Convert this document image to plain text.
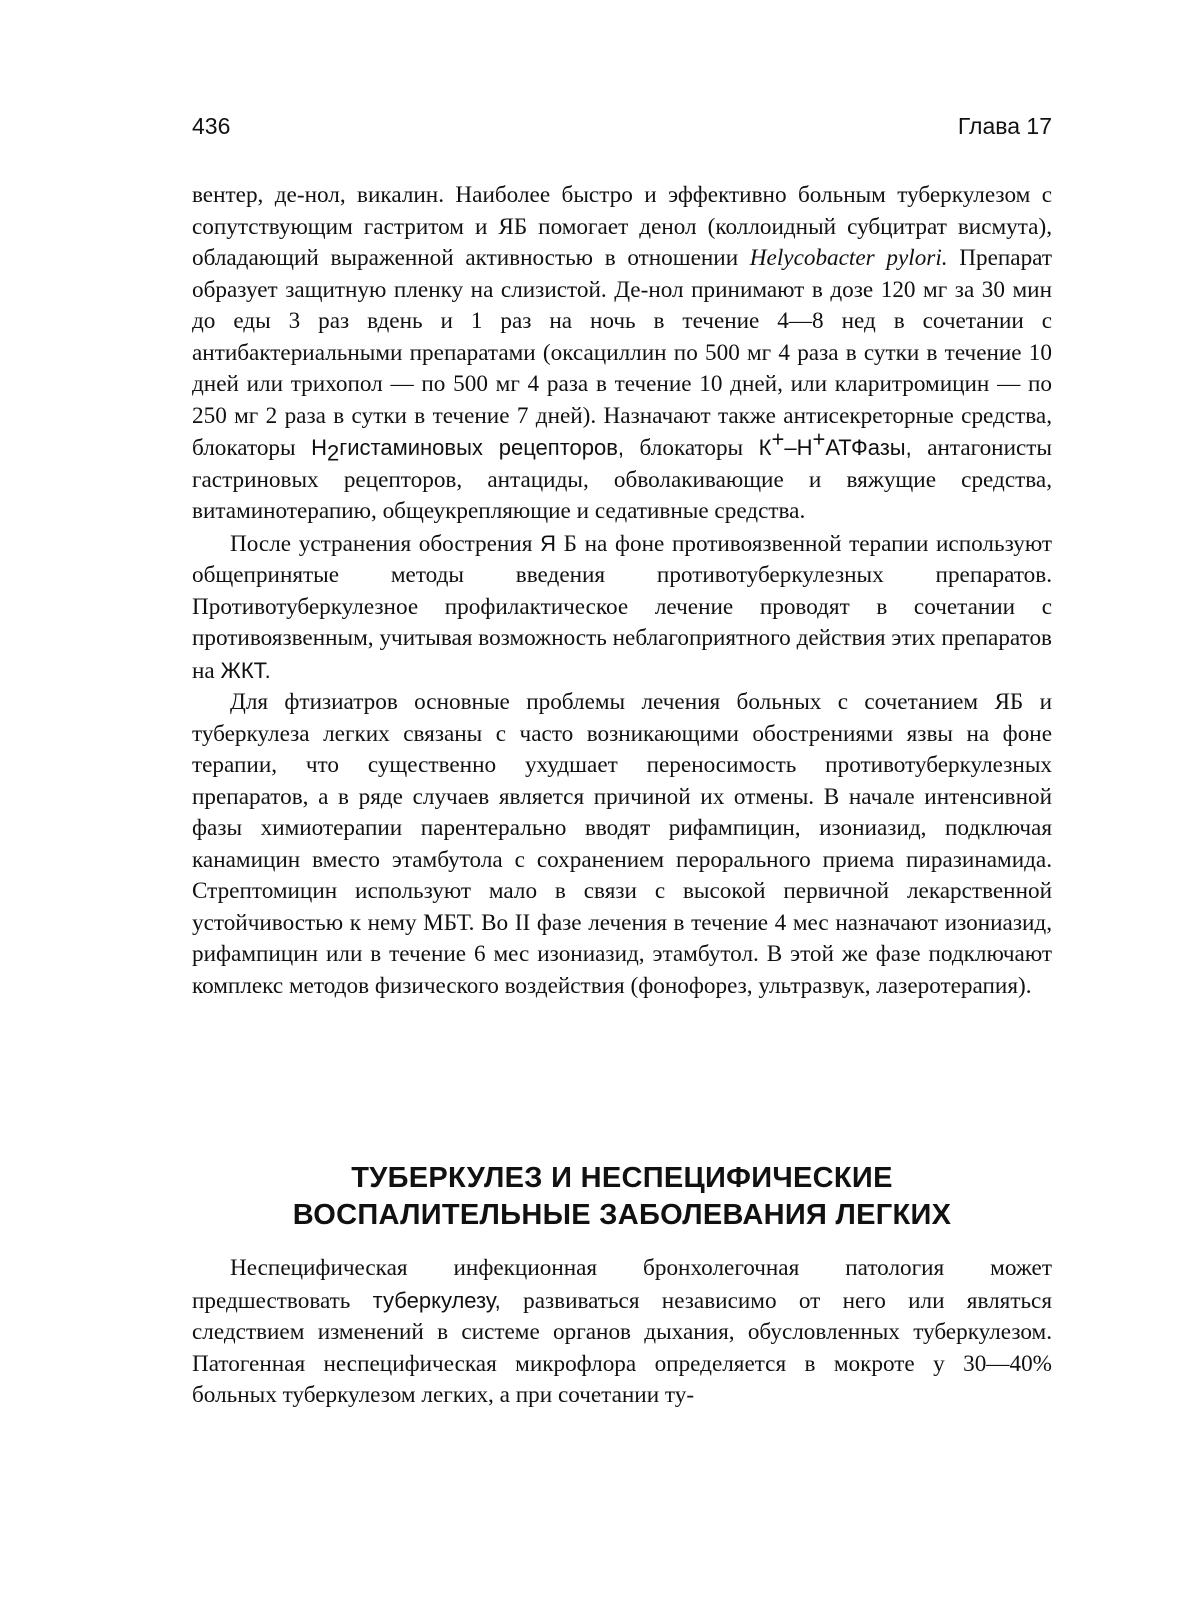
436	Глава 17

вентер, де-нол, викалин. Наиболее быстро и эффективно больным туберкулезом с сопутствующим гастритом и ЯБ помогает денол (коллоидный субцитрат висмута), обладающий выраженной активностью в отношении Helycobacter pylori. Препарат образует защитную пленку на слизистой. Де-нол принимают в дозе 120 мг за 30 мин до еды 3 раз вдень и 1 раз на ночь в течение 4—8 нед в сочетании с антибактериальными препаратами (оксациллин по 500 мг 4 раза в сутки в течение 10 дней или трихопол — по 500 мг 4 раза в течение 10 дней, или кларитромицин — по 250 мг 2 раза в сутки в течение 7 дней). Назначают также антисекреторные средства, блокаторы $Н_2гистаминовых$ рецепторов, блокаторы К+–Н+АТФазы, антагонисты гастриновых рецепторов, антациды, обволакивающие и вяжущие средства, витаминотерапию, общеукрепляющие и седативные средства.

После устранения обострения Я Б на фоне противоязвенной терапии используют общепринятые методы введения противотуберкулезных препаратов. Противотуберкулезное профилактическое лечение проводят в сочетании с противоязвенным, учитывая возможность неблагоприятного действия этих препаратов на ЖКТ.

Для фтизиатров основные проблемы лечения больных с сочетанием ЯБ и туберкулеза легких связаны с часто возникающими обострениями язвы на фоне терапии, что существенно ухудшает переносимость противотуберкулезных препаратов, а в ряде случаев является причиной их отмены. В начале интенсивной фазы химиотерапии парентерально вводят рифампицин, изониазид, подключая канамицин вместо этамбутола с сохранением перорального приема пиразинамида. Стрептомицин используют мало в связи с высокой первичной лекарственной устойчивостью к нему МБТ. Во II фазе лечения в течение 4 мес назначают изониазид, рифампицин или в течение 6 мес изониазид, этамбутол. В этой же фазе подключают комплекс методов физического воздействия (фонофорез, ультразвук, лазеротерапия).

ТУБЕРКУЛЕЗ И НЕСПЕЦИФИЧЕСКИЕ
ВОСПАЛИТЕЛЬНЫЕ ЗАБОЛЕВАНИЯ ЛЕГКИХ

Неспецифическая инфекционная бронхолегочная патология может предшествовать туберкулезу, развиваться независимо от него или являться следствием изменений в системе органов дыхания, обусловленных туберкулезом. Патогенная неспецифическая микрофлора определяется в мокроте у 30—40% больных туберкулезом легких, а при сочетании ту-
